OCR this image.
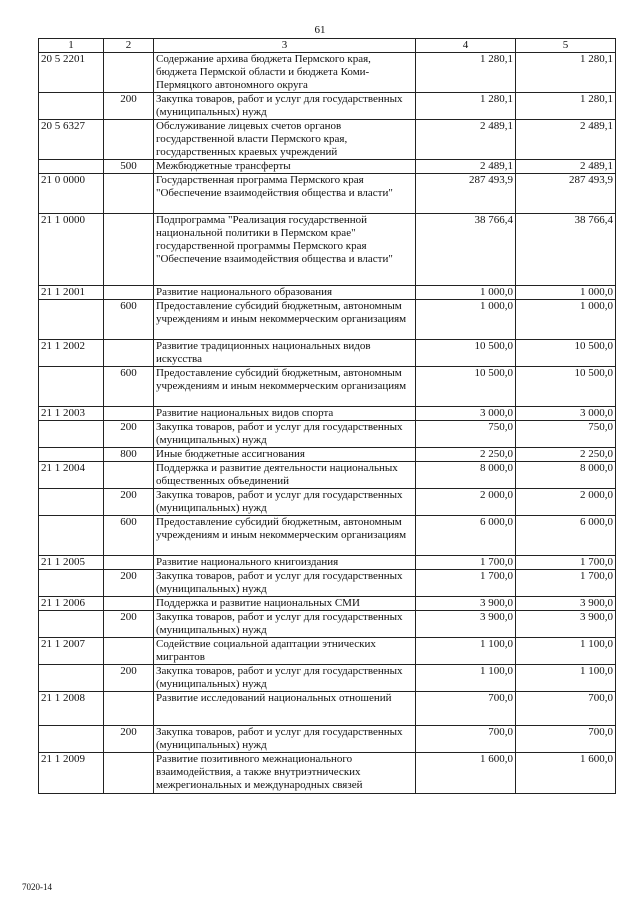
61
1	2	3	4	5
20 5 2201		Содержание архива бюджета Пермского края, бюджета Пермской области и бюджета Коми-Пермяцкого автономного округа	1 280,1	1 280,1
	200	Закупка товаров, работ и услуг для государственных (муниципальных) нужд	1 280,1	1 280,1
20 5 6327		Обслуживание лицевых счетов органов государственной власти Пермского края, государственных краевых учреждений	2 489,1	2 489,1
	500	Межбюджетные трансферты	2 489,1	2 489,1
21 0 0000		Государственная программа Пермского края "Обеспечение взаимодействия общества и власти"	287 493,9	287 493,9
21 1 0000		Подпрограмма "Реализация государственной национальной политики в Пермском крае" государственной программы Пермского края "Обеспечение взаимодействия общества и власти"	38 766,4	38 766,4
21 1 2001		Развитие национального образования	1 000,0	1 000,0
	600	Предоставление субсидий бюджетным, автономным учреждениям и иным некоммерческим организациям	1 000,0	1 000,0
21 1 2002		Развитие традиционных национальных видов искусства	10 500,0	10 500,0
	600	Предоставление субсидий бюджетным, автономным учреждениям и иным некоммерческим организациям	10 500,0	10 500,0
21 1 2003		Развитие национальных видов спорта	3 000,0	3 000,0
	200	Закупка товаров, работ и услуг для государственных (муниципальных) нужд	750,0	750,0
	800	Иные бюджетные ассигнования	2 250,0	2 250,0
21 1 2004		Поддержка и развитие деятельности национальных общественных объединений	8 000,0	8 000,0
	200	Закупка товаров, работ и услуг для государственных (муниципальных) нужд	2 000,0	2 000,0
	600	Предоставление субсидий бюджетным, автономным учреждениям и иным некоммерческим организациям	6 000,0	6 000,0
21 1 2005		Развитие национального книгоиздания	1 700,0	1 700,0
	200	Закупка товаров, работ и услуг для государственных (муниципальных) нужд	1 700,0	1 700,0
21 1 2006		Поддержка и развитие национальных СМИ	3 900,0	3 900,0
	200	Закупка товаров, работ и услуг для государственных (муниципальных) нужд	3 900,0	3 900,0
21 1 2007		Содействие социальной адаптации этнических мигрантов	1 100,0	1 100,0
	200	Закупка товаров, работ и услуг для государственных (муниципальных) нужд	1 100,0	1 100,0
21 1 2008		Развитие исследований национальных отношений	700,0	700,0
	200	Закупка товаров, работ и услуг для государственных (муниципальных) нужд	700,0	700,0
21 1 2009		Развитие позитивного межнационального взаимодействия, а также внутриэтнических межрегиональных и международных связей	1 600,0	1 600,0
7020-14
